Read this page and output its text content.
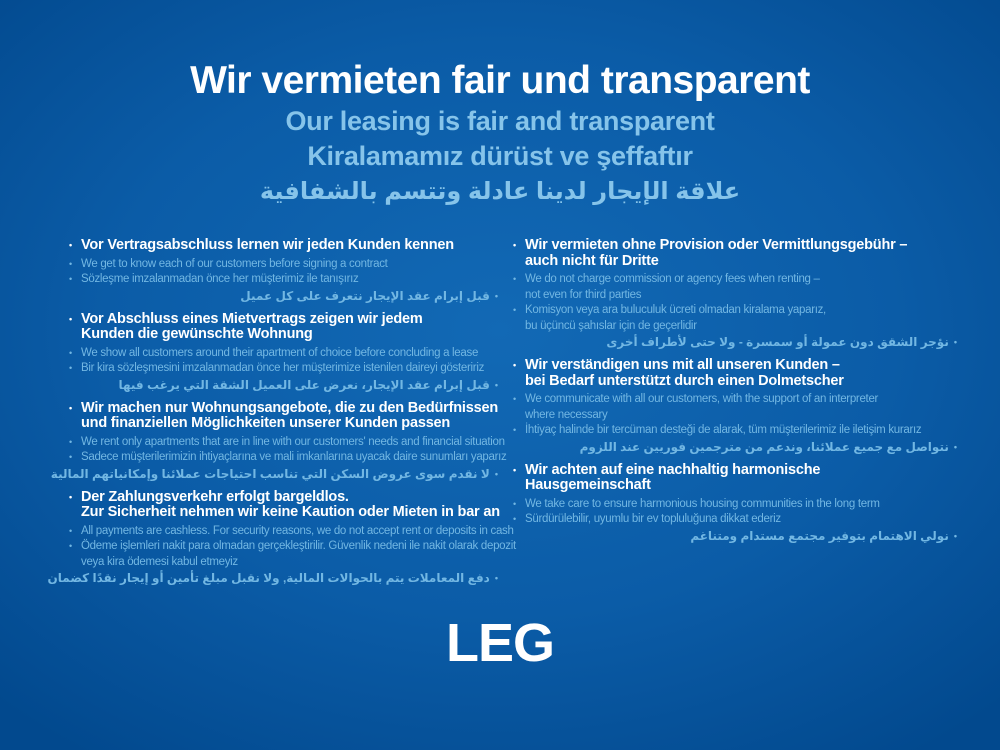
Wir vermieten fair und transparent
Our leasing is fair and transparent
Kiralamamız dürüst ve şeffaftır
علاقة الإيجار لدينا عادلة وتتسم بالشفافية
• Vor Vertragsabschluss lernen wir jeden Kunden kennen
• We get to know each of our customers before signing a contract
• Sözleşme imzalanmadan önce her müşterimiz ile tanışırız
قبل إبرام عقد الإيجار نتعرف على كل عميل •
• Vor Abschluss eines Mietvertrags zeigen wir jedem
Kunden die gewünschte Wohnung
• We show all customers around their apartment of choice before concluding a lease
• Bir kira sözleşmesini imzalanmadan önce her müşterimize istenilen daireyi gösteririz
قبل إبرام عقد الإيجار، نعرض على العميل الشقة التي يرغب فيها •
• Wir machen nur Wohnungsangebote, die zu den Bedürfnissen
und finanziellen Möglichkeiten unserer Kunden passen
• We rent only apartments that are in line with our customers' needs and financial situation
• Sadece müşterilerimizin ihtiyaçlarına ve mali imkanlarına uyacak daire sunumları yaparız
لا نقدم سوى عروض السكن التي تناسب احتياجات عملائنا وإمكانياتهم المالية •
• Der Zahlungsverkehr erfolgt bargeldlos.
Zur Sicherheit nehmen wir keine Kaution oder Mieten in bar an
• All payments are cashless. For security reasons, we do not accept rent or deposits in cash
• Ödeme işlemleri nakit para olmadan gerçekleştirilir. Güvenlik nedeni ile nakit olarak depozit
veya kira ödemesi kabul etmeyiz
دفع المعاملات يتم بالحوالات المالية, ولا نقبل مبلغ تأمين أو إيجار نقدًا كضمان •
• Wir vermieten ohne Provision oder Vermittlungsgebühr –
auch nicht für Dritte
• We do not charge commission or agency fees when renting –
not even for third parties
• Komisyon veya ara buluculuk ücreti olmadan kiralama yaparız,
bu üçüncü şahıslar için de geçerlidir
نؤجر الشقق دون عمولة أو سمسرة - ولا حتى لأطراف أخرى •
• Wir verständigen uns mit all unseren Kunden –
bei Bedarf unterstützt durch einen Dolmetscher
• We communicate with all our customers, with the support of an interpreter
where necessary
• İhtiyaç halinde bir tercüman desteği de alarak, tüm müşterilerimiz ile iletişim kurarız
نتواصل مع جميع عملائنا، وندعم من مترجمين فوريين عند اللزوم •
• Wir achten auf eine nachhaltig harmonische
Hausgemeinschaft
• We take care to ensure harmonious housing communities in the long term
• Sürdürülebilir, uyumlu bir ev topluluğuna dikkat ederiz
نولي الاهتمام بتوفير مجتمع مستدام ومتناغم •
LEG
